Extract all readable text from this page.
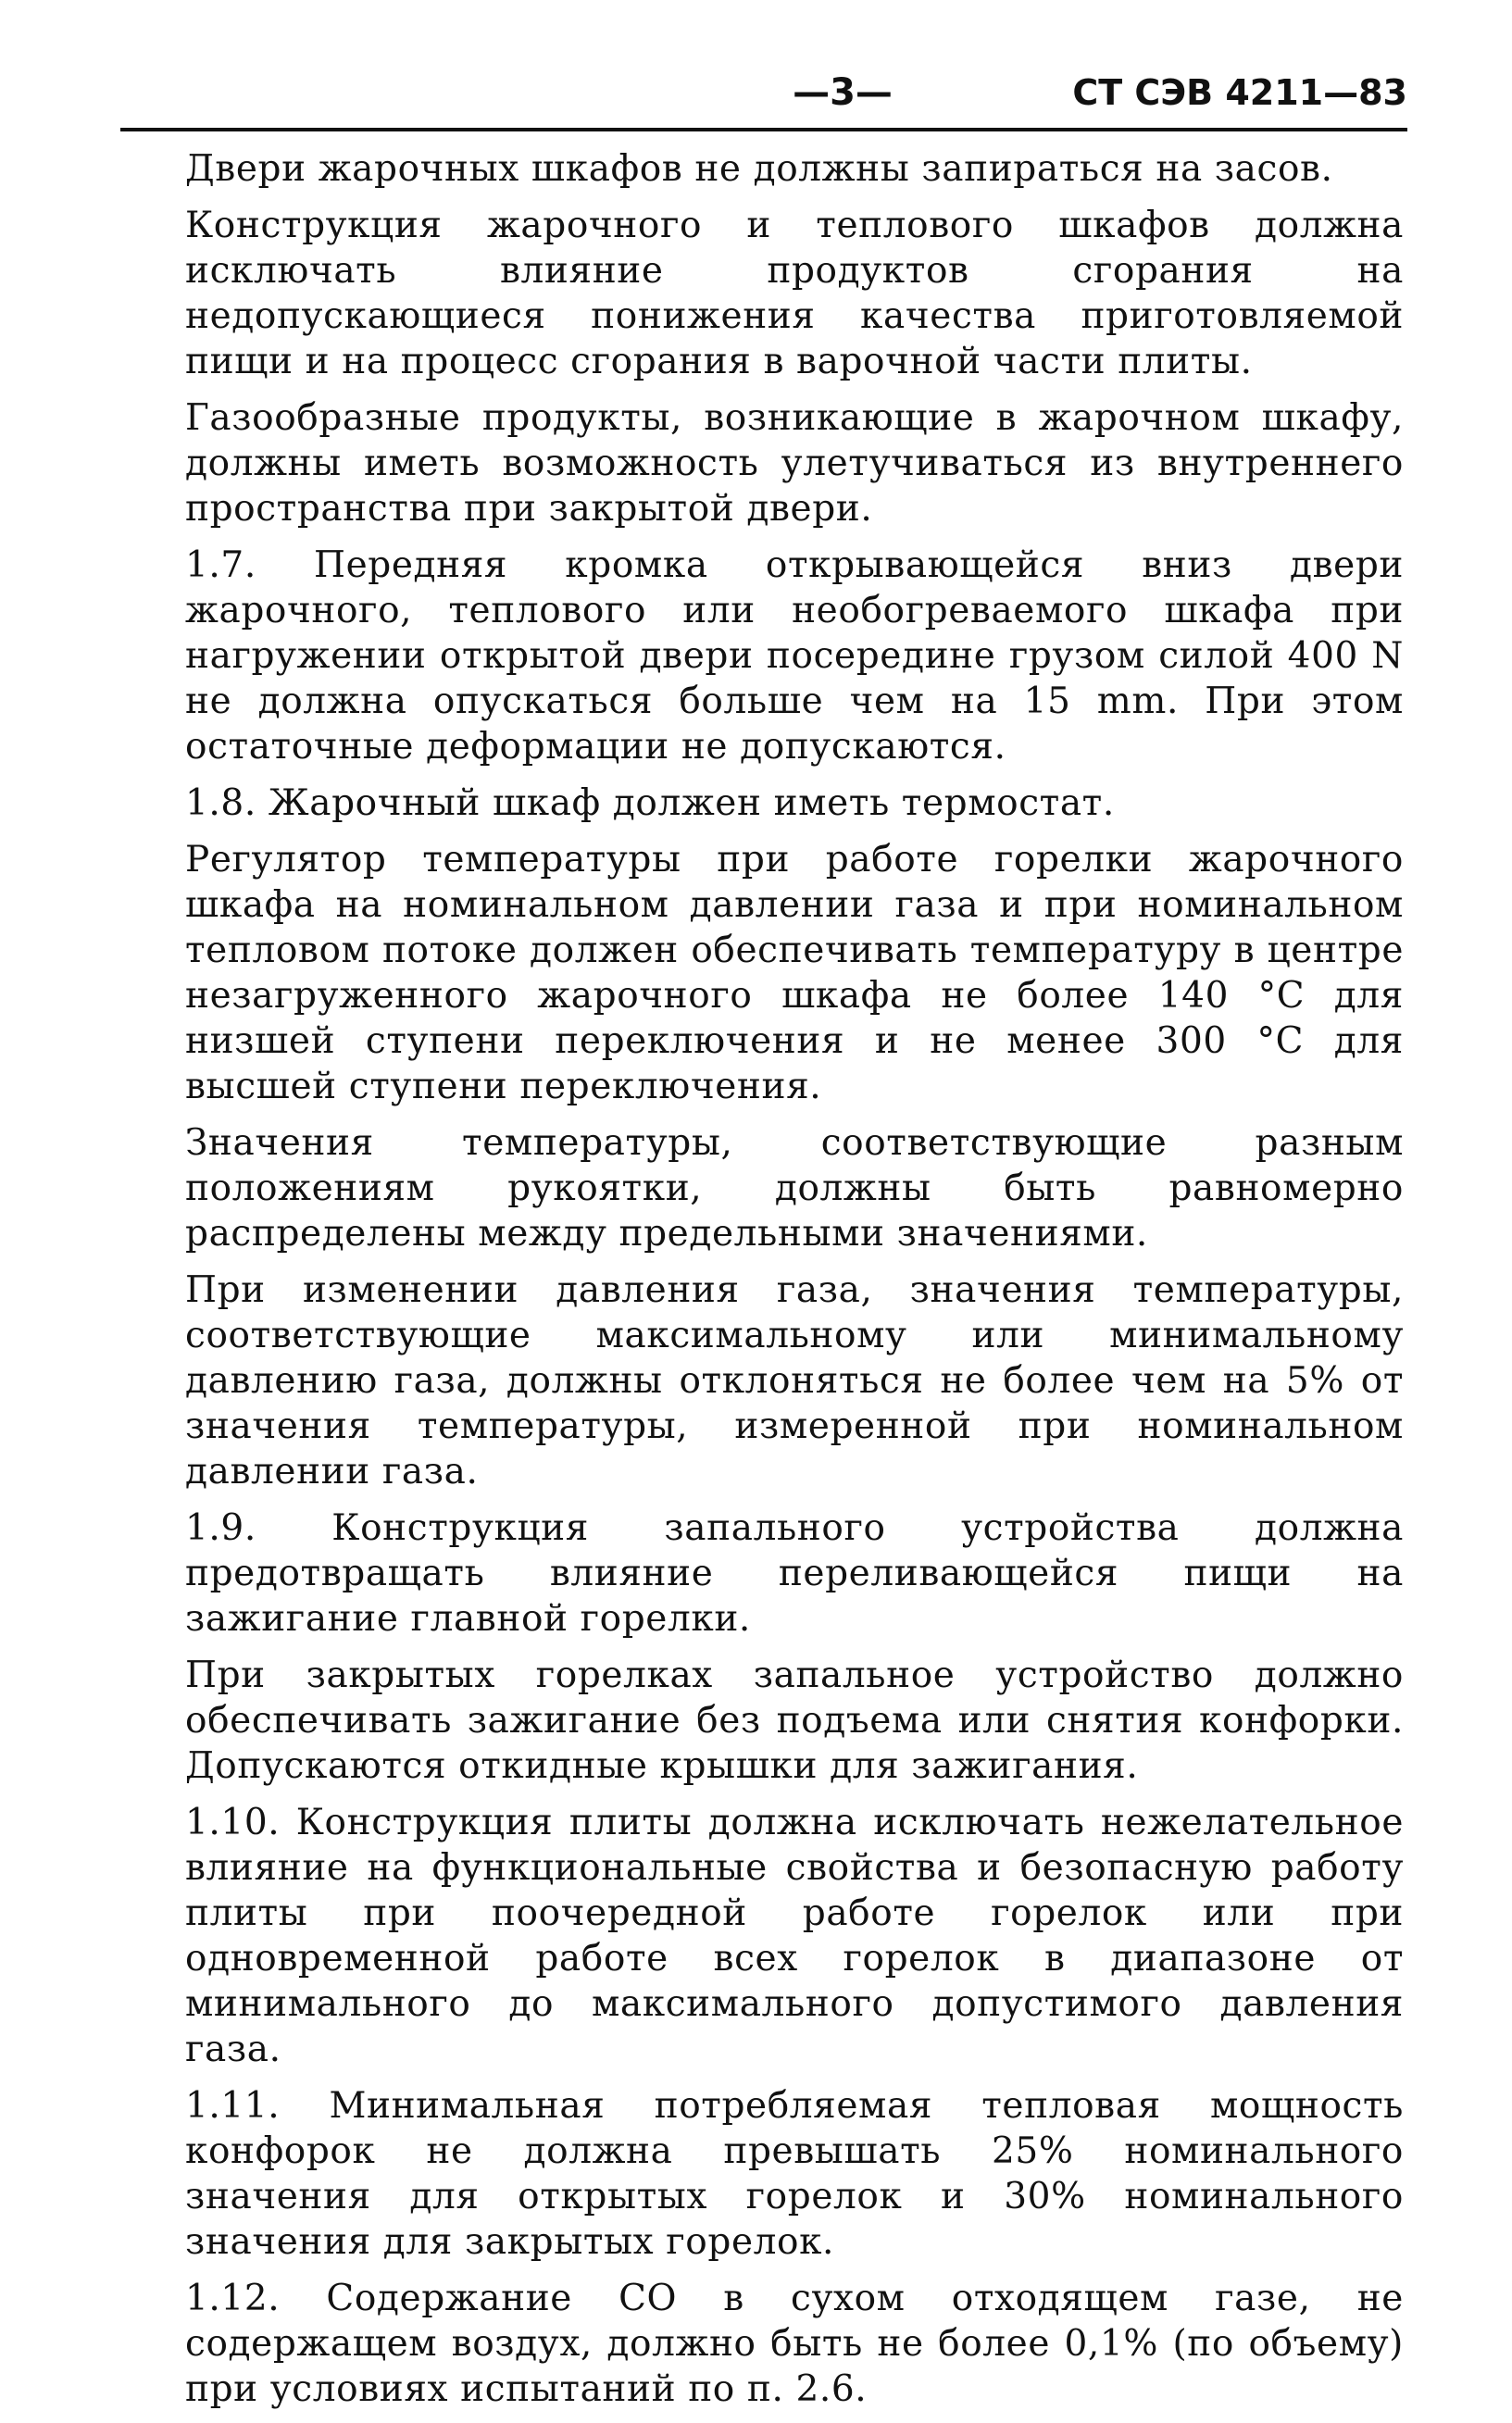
—3—	СТ СЭВ 4211—83

Двери жарочных шкафов не должны запираться на засов.

Конструкция жарочного и теплового шкафов должна исключать влияние продуктов сгорания на недопускающиеся понижения качества приготовляемой пищи и на процесс сгорания в варочной части плиты.

Газообразные продукты, возникающие в жарочном шкафу, должны иметь возможность улетучиваться из внутреннего пространства при закрытой двери.

1.7. Передняя кромка открывающейся вниз двери жарочного, теплового или необогреваемого шкафа при нагружении открытой двери посередине грузом силой 400 N не должна опускаться больше чем на 15 mm. При этом остаточные деформации не допускаются.

1.8. Жарочный шкаф должен иметь термостат.

Регулятор температуры при работе горелки жарочного шкафа на номинальном давлении газа и при номинальном тепловом потоке должен обеспечивать температуру в центре незагруженного жарочного шкафа не более 140 °C для низшей ступени переключения и не менее 300 °C для высшей ступени переключения.

Значения температуры, соответствующие разным положениям рукоятки, должны быть равномерно распределены между предельными значениями.

При изменении давления газа, значения температуры, соответствующие максимальному или минимальному давлению газа, должны отклоняться не более чем на 5% от значения температуры, измеренной при номинальном давлении газа.

1.9. Конструкция запального устройства должна предотвращать влияние переливающейся пищи на зажигание главной горелки.

При закрытых горелках запальное устройство должно обеспечивать зажигание без подъема или снятия конфорки. Допускаются откидные крышки для зажигания.

1.10. Конструкция плиты должна исключать нежелательное влияние на функциональные свойства и безопасную работу плиты при поочередной работе горелок или при одновременной работе всех горелок в диапазоне от минимального до максимального допустимого давления газа.

1.11. Минимальная потребляемая тепловая мощность конфорок не должна превышать 25% номинального значения для открытых горелок и 30% номинального значения для закрытых горелок.

1.12. Содержание CO в сухом отходящем газе, не содержащем воздух, должно быть не более 0,1% (по объему) при условиях испытаний по п. 2.6.
